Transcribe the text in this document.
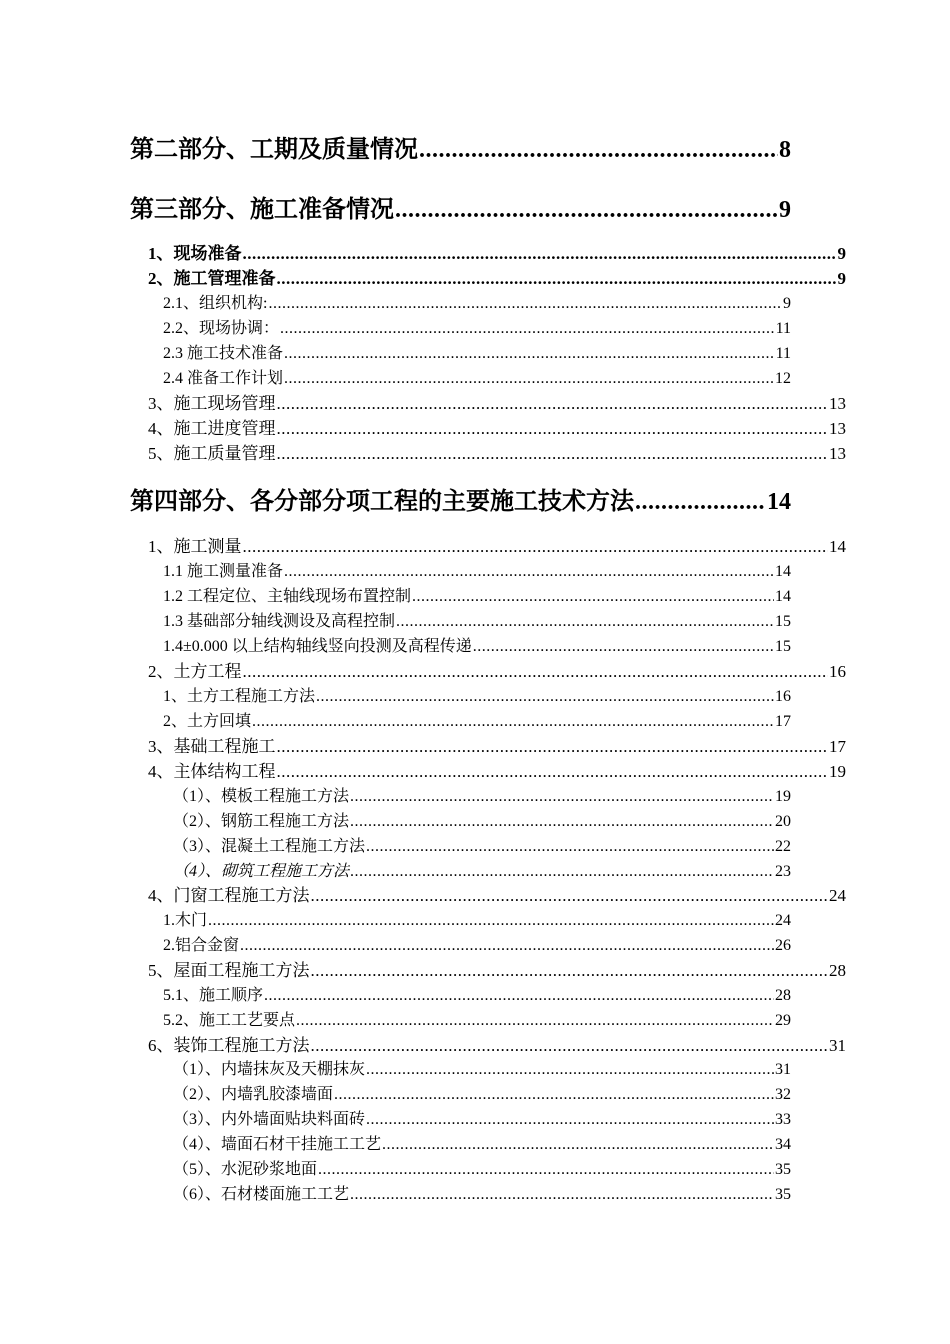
第二部分、工期及质量情况 .....	8
第三部分、施工准备情况 .....	9
1、现场准备 .....	9
2、施工管理准备 .....	9
2.1、组织机构: .....	9
2.2、现场协调： .....	11
2.3 施工技术准备 .....	11
2.4 准备工作计划 .....	12
3、施工现场管理 .....	13
4、施工进度管理 .....	13
5、施工质量管理 .....	13
第四部分、各分部分项工程的主要施工技术方法 .....	14
1、施工测量 .....	14
1.1 施工测量准备 .....	14
1.2 工程定位、主轴线现场布置控制 .....	14
1.3 基础部分轴线测设及高程控制 .....	15
1.4±0.000 以上结构轴线竖向投测及高程传递 .....	15
2、土方工程 .....	16
1、土方工程施工方法 .....	16
2、土方回填 .....	17
3、基础工程施工 .....	17
4、主体结构工程 .....	19
（1）、模板工程施工方法 .....	19
（2）、钢筋工程施工方法 .....	20
（3）、混凝土工程施工方法 .....	22
（4）、砌筑工程施工方法 .....	23
4、门窗工程施工方法 .....	24
1.木门 .....	24
2.铝合金窗 .....	26
5、屋面工程施工方法 .....	28
5.1、施工顺序 .....	28
5.2、施工工艺要点 .....	29
6、装饰工程施工方法 .....	31
（1）、内墙抹灰及天棚抹灰 .....	31
（2）、内墙乳胶漆墙面 .....	32
（3）、内外墙面贴块料面砖 .....	33
（4）、墙面石材干挂施工工艺 .....	34
（5）、水泥砂浆地面 .....	35
（6）、石材楼面施工工艺 .....	35
